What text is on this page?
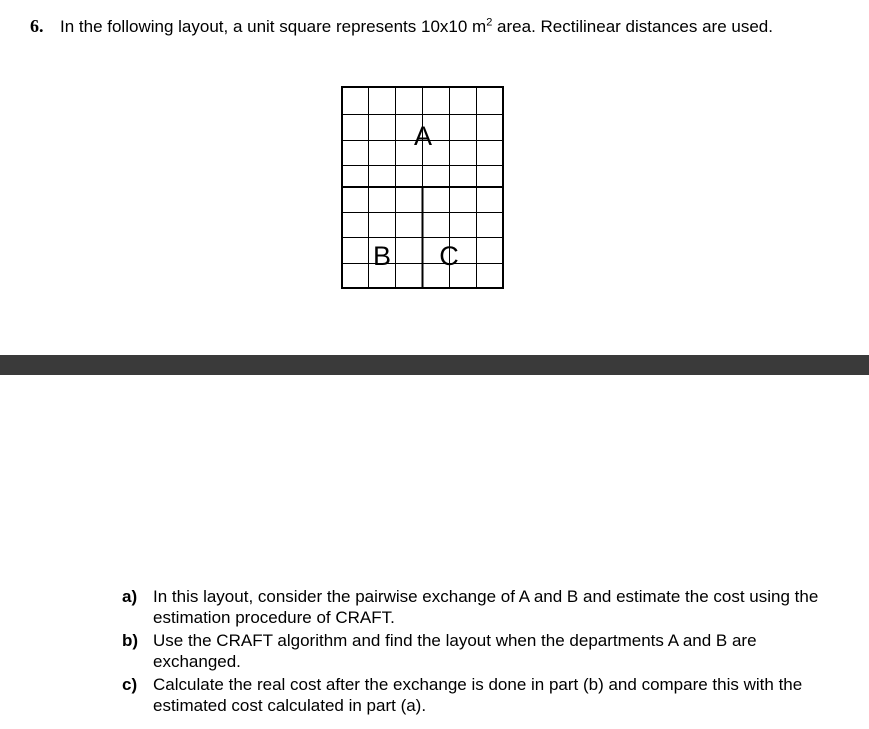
6. In the following layout, a unit square represents 10x10 $m^2$ area. Rectilinear distances are used.
A
B C
a) In this layout, consider the pairwise exchange of A and B and estimate the cost using the estimation procedure of CRAFT.
b) Use the CRAFT algorithm and find the layout when the departments A and B are exchanged.
c) Calculate the real cost after the exchange is done in part (b) and compare this with the estimated cost calculated in part (a).
